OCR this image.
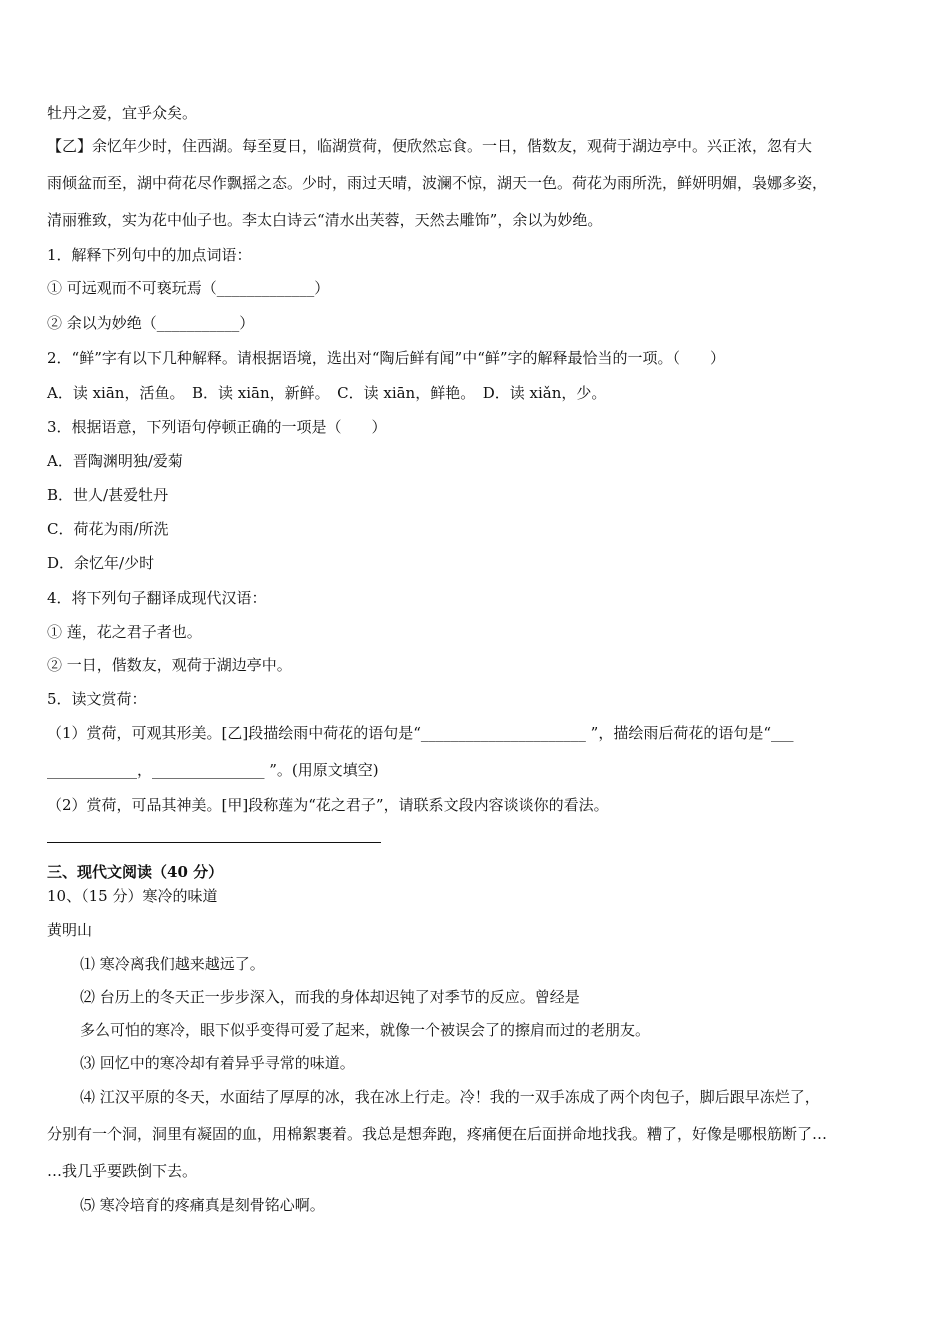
牡丹之爱，宜乎众矣。
【乙】余忆年少时，住西湖。每至夏日，临湖赏荷，便欣然忘食。一日，偕数友，观荷于湖边亭中。兴正浓，忽有大
雨倾盆而至，湖中荷花尽作飘摇之态。少时，雨过天晴，波澜不惊，湖天一色。荷花为雨所洗，鲜妍明媚，袅娜多姿，
清丽雅致，实为花中仙子也。李太白诗云“清水出芙蓉，天然去雕饰”，余以为妙绝。
1．解释下列句中的加点词语：
① 可远观而不可亵玩焉（_____________）
② 余以为妙绝（___________）
2．“鲜”字有以下几种解释。请根据语境，选出对“陶后鲜有闻”中“鲜”字的解释最恰当的一项。（　　）
A．读 xiān，活鱼。　B．读 xiān，新鲜。　C．读 xiān，鲜艳。　D．读 xiǎn，少。
3．根据语意，下列语句停顿正确的一项是（　　）
A．晋陶渊明独/爱菊
B．世人/甚爱牡丹
C．荷花为雨/所洗
D．余忆年/少时
4．将下列句子翻译成现代汉语：
① 莲，花之君子者也。
② 一日，偕数友，观荷于湖边亭中。
5．读文赏荷：
（1）赏荷，可观其形美。[乙]段描绘雨中荷花的语句是“______________________ ”，描绘雨后荷花的语句是“___
____________，_______________ ”。(用原文填空)
（2）赏荷，可品其神美。[甲]段称莲为“花之君子”，请联系文段内容谈谈你的看法。
三、现代文阅读（40 分）
10、（15 分）寒冷的味道
黄明山
⑴ 寒冷离我们越来越远了。
⑵ 台历上的冬天正一步步深入，而我的身体却迟钝了对季节的反应。曾经是
多么可怕的寒冷，眼下似乎变得可爱了起来，就像一个被误会了的擦肩而过的老朋友。
⑶ 回忆中的寒冷却有着异乎寻常的味道。
⑷ 江汉平原的冬天，水面结了厚厚的冰，我在冰上行走。冷！我的一双手冻成了两个肉包子，脚后跟早冻烂了，
分别有一个洞，洞里有凝固的血，用棉絮裹着。我总是想奔跑，疼痛便在后面拼命地找我。糟了，好像是哪根筋断了…
…我几乎要跌倒下去。
⑸ 寒冷培育的疼痛真是刻骨铭心啊。
